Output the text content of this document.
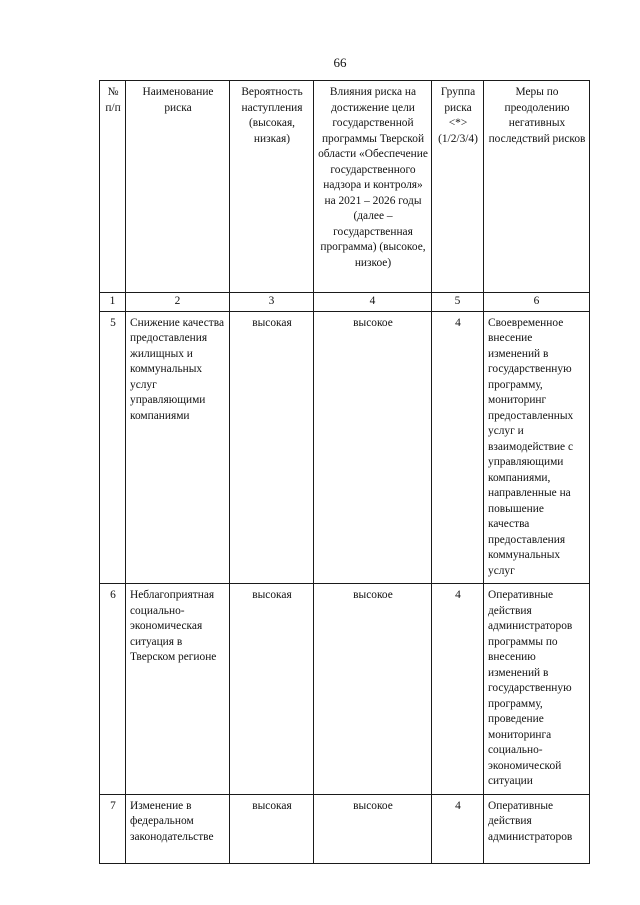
66
№ п/п	Наименование риска	Вероятность наступления (высокая, низкая)	Влияния риска на достижение цели государственной программы Тверской области «Обеспечение государственного надзора и контроля» на 2021 – 2026 годы (далее – государственная программа) (высокое, низкое)	Группа риска <*> (1/2/3/4)	Меры по преодолению негативных последствий рисков
1	2	3	4	5	6
5	Снижение качества предоставления жилищных и коммунальных услуг управляющими компаниями	высокая	высокое	4	Своевременное внесение изменений в государственную программу, мониторинг предоставленных услуг и взаимодействие с управляющими компаниями, направленные на повышение качества предоставления коммунальных услуг
6	Неблагоприятная социально-экономическая ситуация в Тверском регионе	высокая	высокое	4	Оперативные действия администраторов программы по внесению изменений в государственную программу, проведение мониторинга социально-экономической ситуации
7	Изменение в федеральном законодательстве	высокая	высокое	4	Оперативные действия администраторов
